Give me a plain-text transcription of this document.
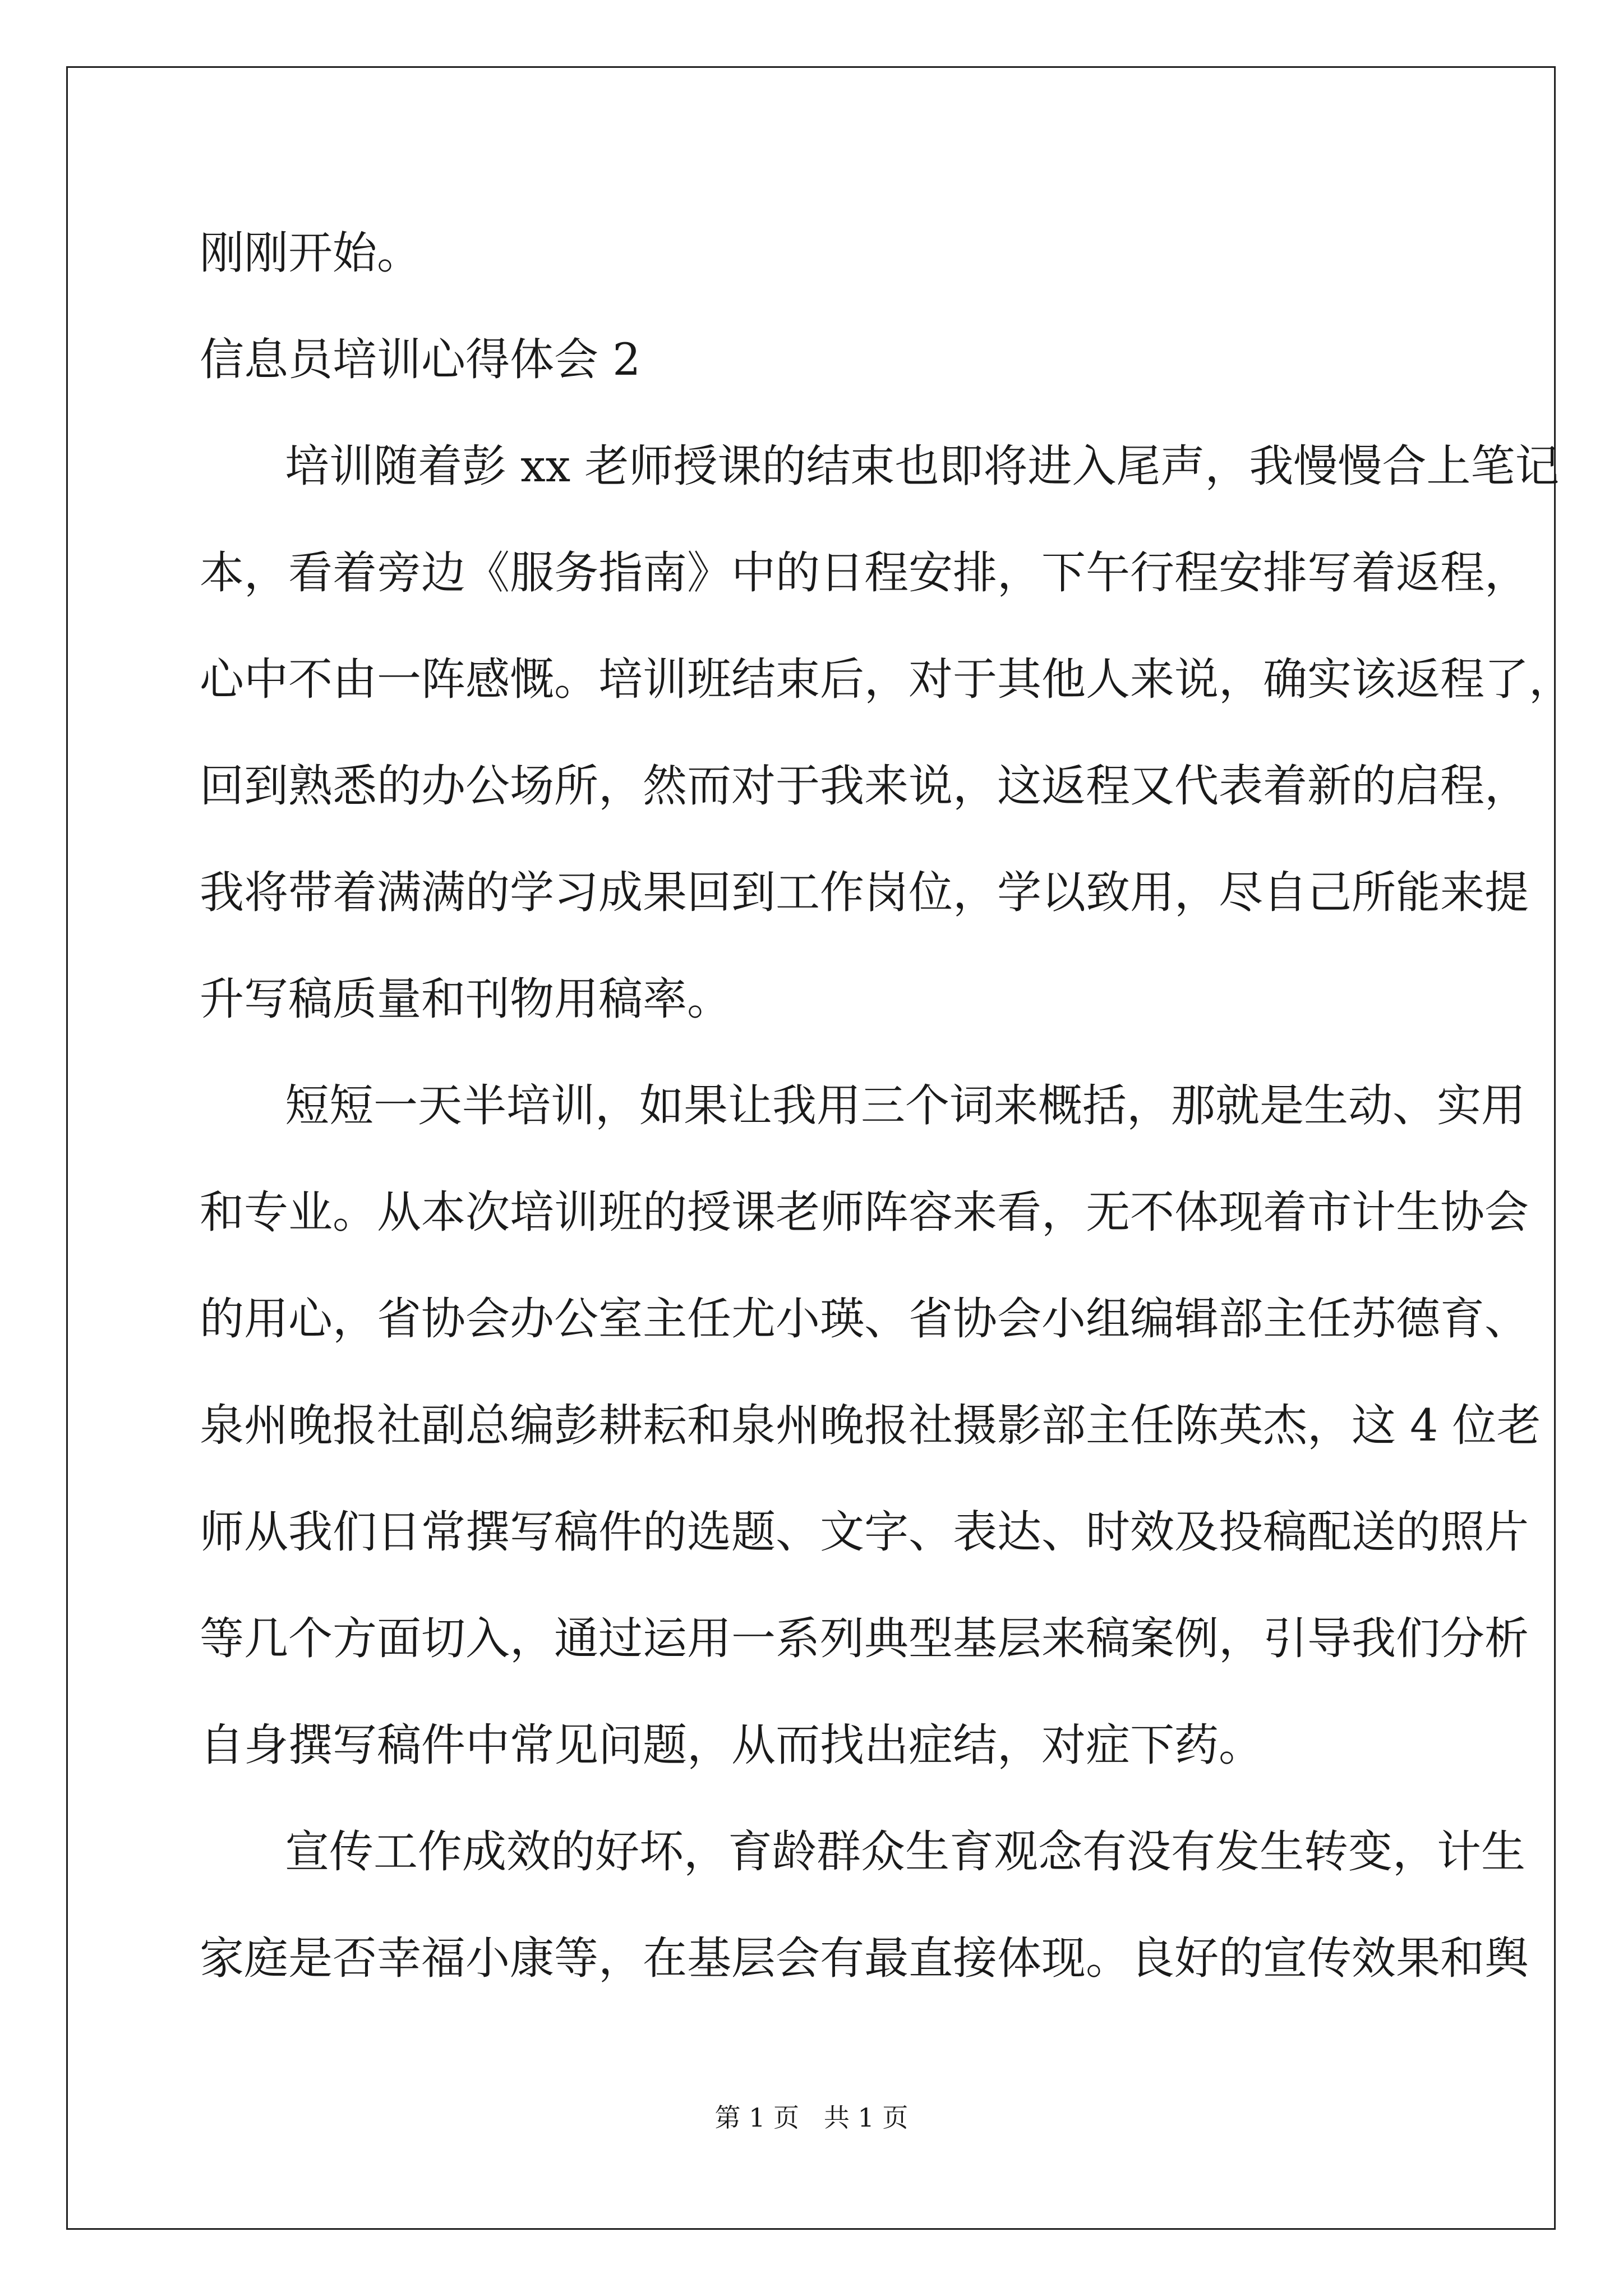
刚刚开始。
信息员培训心得体会 2
培训随着彭 xx 老师授课的结束也即将进入尾声，我慢慢合上笔记
本，看着旁边《服务指南》中的日程安排，下午行程安排写着返程，
心中不由一阵感慨。培训班结束后，对于其他人来说，确实该返程了，
回到熟悉的办公场所，然而对于我来说，这返程又代表着新的启程，
我将带着满满的学习成果回到工作岗位，学以致用，尽自己所能来提
升写稿质量和刊物用稿率。
短短一天半培训，如果让我用三个词来概括，那就是生动、实用
和专业。从本次培训班的授课老师阵容来看，无不体现着市计生协会
的用心，省协会办公室主任尤小瑛、省协会小组编辑部主任苏德育、
泉州晚报社副总编彭耕耘和泉州晚报社摄影部主任陈英杰，这 4 位老
师从我们日常撰写稿件的选题、文字、表达、时效及投稿配送的照片
等几个方面切入，通过运用一系列典型基层来稿案例，引导我们分析
自身撰写稿件中常见问题，从而找出症结，对症下药。
宣传工作成效的好坏，育龄群众生育观念有没有发生转变，计生
家庭是否幸福小康等，在基层会有最直接体现。良好的宣传效果和舆
第 1 页   共 1 页
